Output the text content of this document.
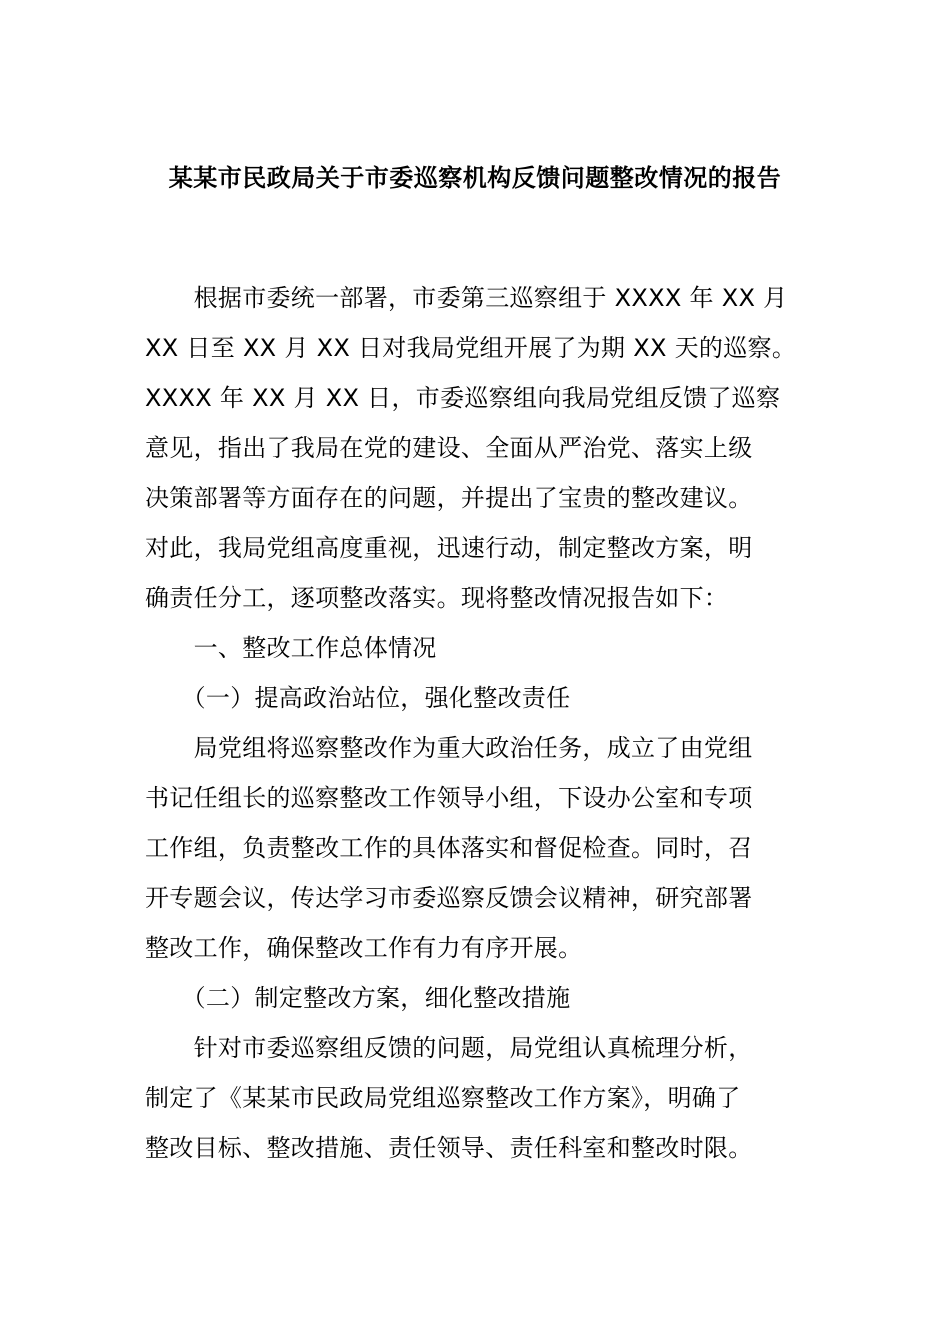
某某市民政局关于市委巡察机构反馈问题整改情况的报告
　　根据市委统一部署，市委第三巡察组于 XXXX 年 XX 月
XX 日至 XX 月 XX 日对我局党组开展了为期 XX 天的巡察。
XXXX 年 XX 月 XX 日，市委巡察组向我局党组反馈了巡察
意见，指出了我局在党的建设、全面从严治党、落实上级
决策部署等方面存在的问题，并提出了宝贵的整改建议。
对此，我局党组高度重视，迅速行动，制定整改方案，明
确责任分工，逐项整改落实。现将整改情况报告如下：
　　一、整改工作总体情况
　　（一）提高政治站位，强化整改责任
　　局党组将巡察整改作为重大政治任务，成立了由党组
书记任组长的巡察整改工作领导小组，下设办公室和专项
工作组，负责整改工作的具体落实和督促检查。同时，召
开专题会议，传达学习市委巡察反馈会议精神，研究部署
整改工作，确保整改工作有力有序开展。
　　（二）制定整改方案，细化整改措施
　　针对市委巡察组反馈的问题，局党组认真梳理分析，
制定了《某某市民政局党组巡察整改工作方案》，明确了
整改目标、整改措施、责任领导、责任科室和整改时限。
